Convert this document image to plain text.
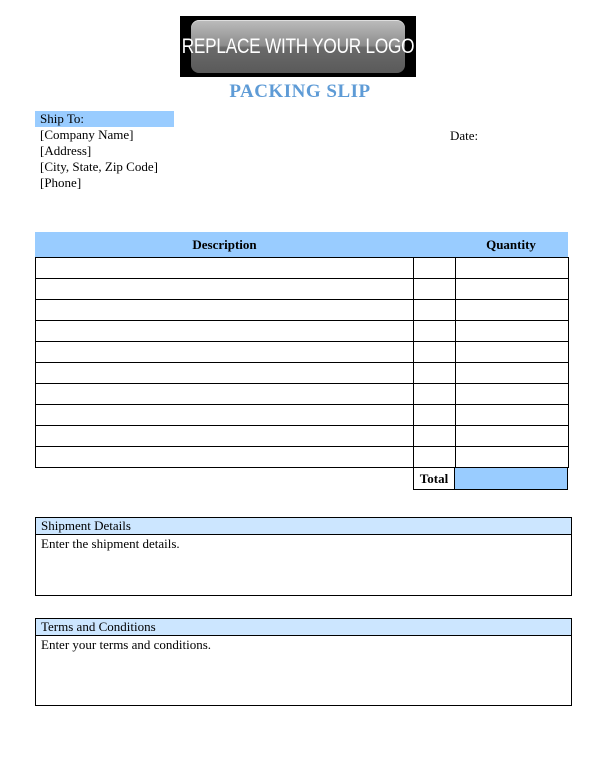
REPLACE WITH YOUR LOGO
PACKING SLIP
Ship To:
[Company Name]
[Address]
[City, State, Zip Code]
[Phone]
Date:
Description	Quantity

Total
Shipment Details
Enter the shipment details.
Terms and Conditions
Enter your terms and conditions.
